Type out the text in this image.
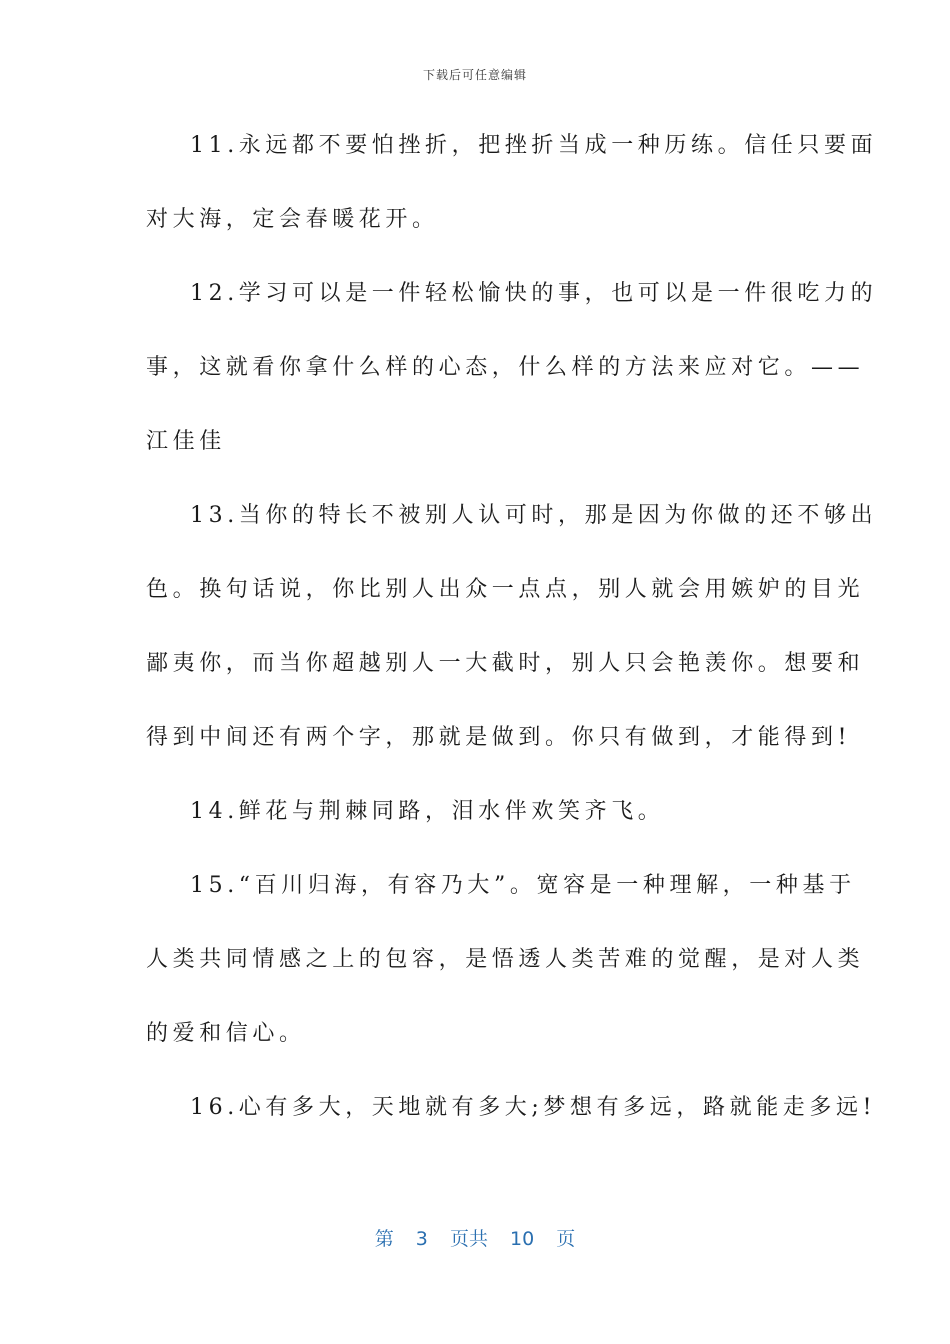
下载后可任意编辑
11.永远都不要怕挫折，把挫折当成一种历练。信任只要面
对大海，定会春暖花开。
12.学习可以是一件轻松愉快的事，也可以是一件很吃力的
事，这就看你拿什么样的心态，什么样的方法来应对它。——
江佳佳
13.当你的特长不被别人认可时，那是因为你做的还不够出
色。换句话说，你比别人出众一点点，别人就会用嫉妒的目光
鄙夷你，而当你超越别人一大截时，别人只会艳羡你。想要和
得到中间还有两个字，那就是做到。你只有做到，才能得到!
14.鲜花与荆棘同路，泪水伴欢笑齐飞。
15.“百川归海，有容乃大”。宽容是一种理解，一种基于
人类共同情感之上的包容，是悟透人类苦难的觉醒，是对人类
的爱和信心。
16.心有多大，天地就有多大;梦想有多远，路就能走多远!
第 3 页共 10 页
